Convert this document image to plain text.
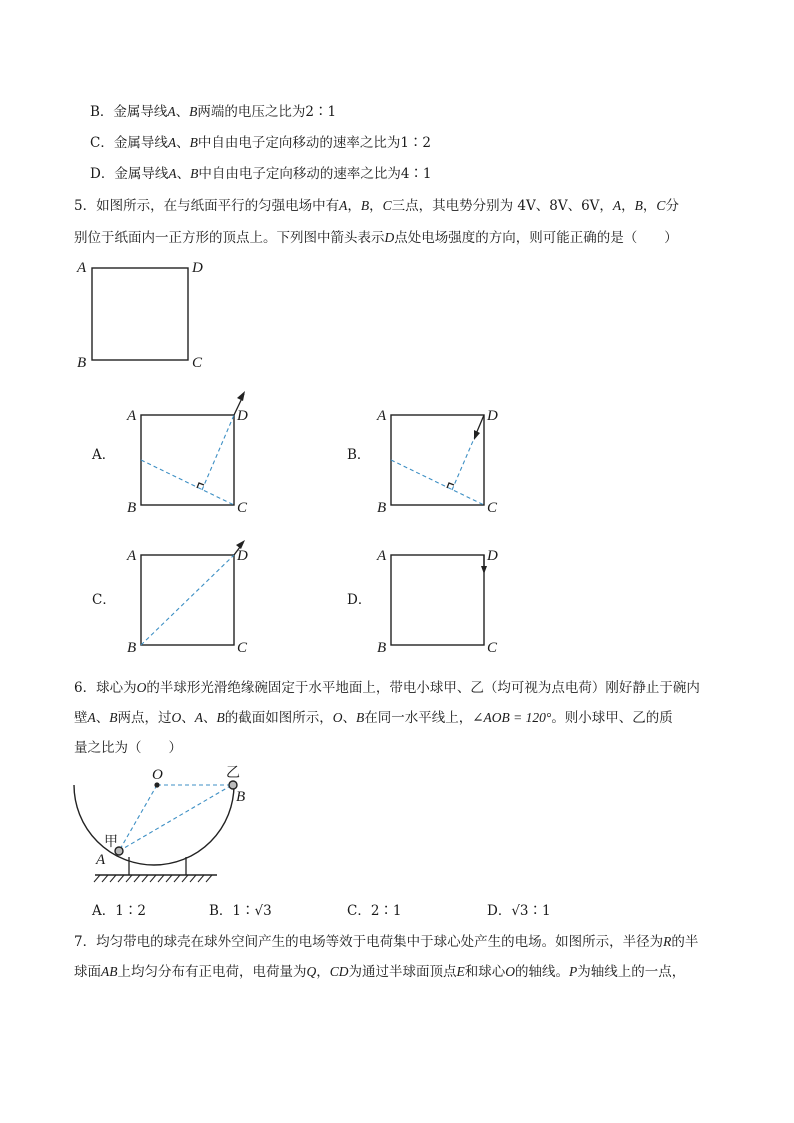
B．金属导线A、B两端的电压之比为2∶1
C．金属导线A、B中自由电子定向移动的速率之比为1∶2
D．金属导线A、B中自由电子定向移动的速率之比为4∶1
5．如图所示，在与纸面平行的匀强电场中有A，B，C三点，其电势分别为 4V、8V、6V，A，B，C分
别位于纸面内一正方形的顶点上。下列图中箭头表示D点处电场强度的方向，则可能正确的是（　　）
A	D
B	C
A．
A	D
B	C
B．
A	D
B	C
C．
A	D
B	C
D．
A	D
B	C
6．球心为O的半球形光滑绝缘碗固定于水平地面上，带电小球甲、乙（均可视为点电荷）刚好静止于碗内
壁A、B两点，过O、A、B的截面如图所示，O、B在同一水平线上，∠AOB = 120°。则小球甲、乙的质
量之比为（　　）
O
B
A
乙
甲
A．1∶2	B．1∶√3	C．2∶1	D．√3∶1
7．均匀带电的球壳在球外空间产生的电场等效于电荷集中于球心处产生的电场。如图所示，半径为R的半
球面AB上均匀分布有正电荷，电荷量为Q，CD为通过半球面顶点E和球心O的轴线。P为轴线上的一点，
